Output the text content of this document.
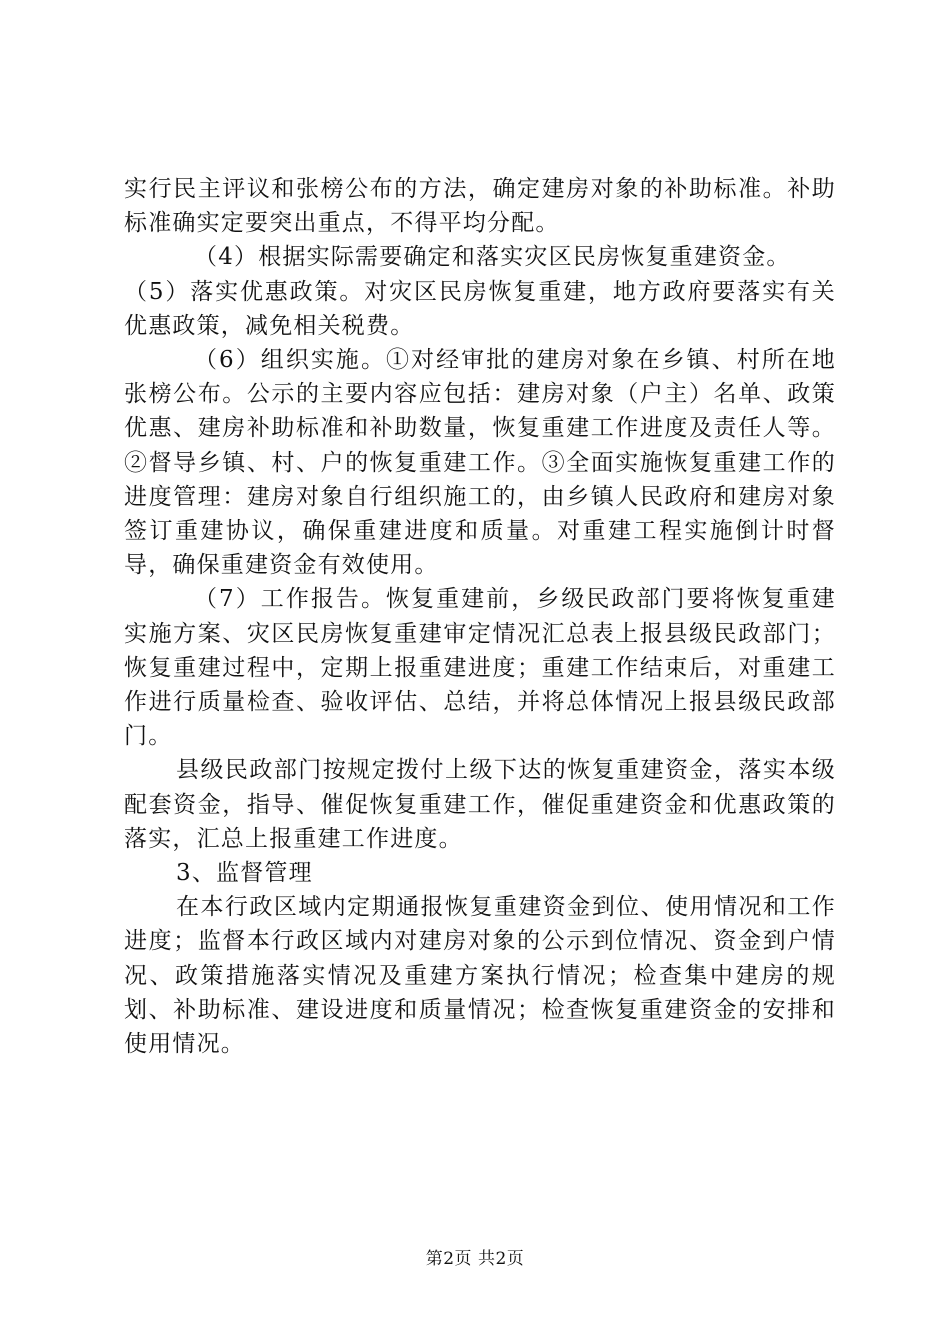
实行民主评议和张榜公布的方法，确定建房对象的补助标准。补助标准确实定要突出重点，不得平均分配。

（4）根据实际需要确定和落实灾区民房恢复重建资金。

（5）落实优惠政策。对灾区民房恢复重建，地方政府要落实有关优惠政策，减免相关税费。

（6）组织实施。①对经审批的建房对象在乡镇、村所在地张榜公布。公示的主要内容应包括：建房对象（户主）名单、政策优惠、建房补助标准和补助数量，恢复重建工作进度及责任人等。②督导乡镇、村、户的恢复重建工作。③全面实施恢复重建工作的进度管理：建房对象自行组织施工的，由乡镇人民政府和建房对象签订重建协议，确保重建进度和质量。对重建工程实施倒计时督导，确保重建资金有效使用。

（7）工作报告。恢复重建前，乡级民政部门要将恢复重建实施方案、灾区民房恢复重建审定情况汇总表上报县级民政部门；恢复重建过程中，定期上报重建进度；重建工作结束后，对重建工作进行质量检查、验收评估、总结，并将总体情况上报县级民政部门。

县级民政部门按规定拨付上级下达的恢复重建资金，落实本级配套资金，指导、催促恢复重建工作，催促重建资金和优惠政策的落实，汇总上报重建工作进度。

3、监督管理

在本行政区域内定期通报恢复重建资金到位、使用情况和工作进度；监督本行政区域内对建房对象的公示到位情况、资金到户情况、政策措施落实情况及重建方案执行情况；检查集中建房的规划、补助标准、建设进度和质量情况；检查恢复重建资金的安排和使用情况。

第2页 共2页
